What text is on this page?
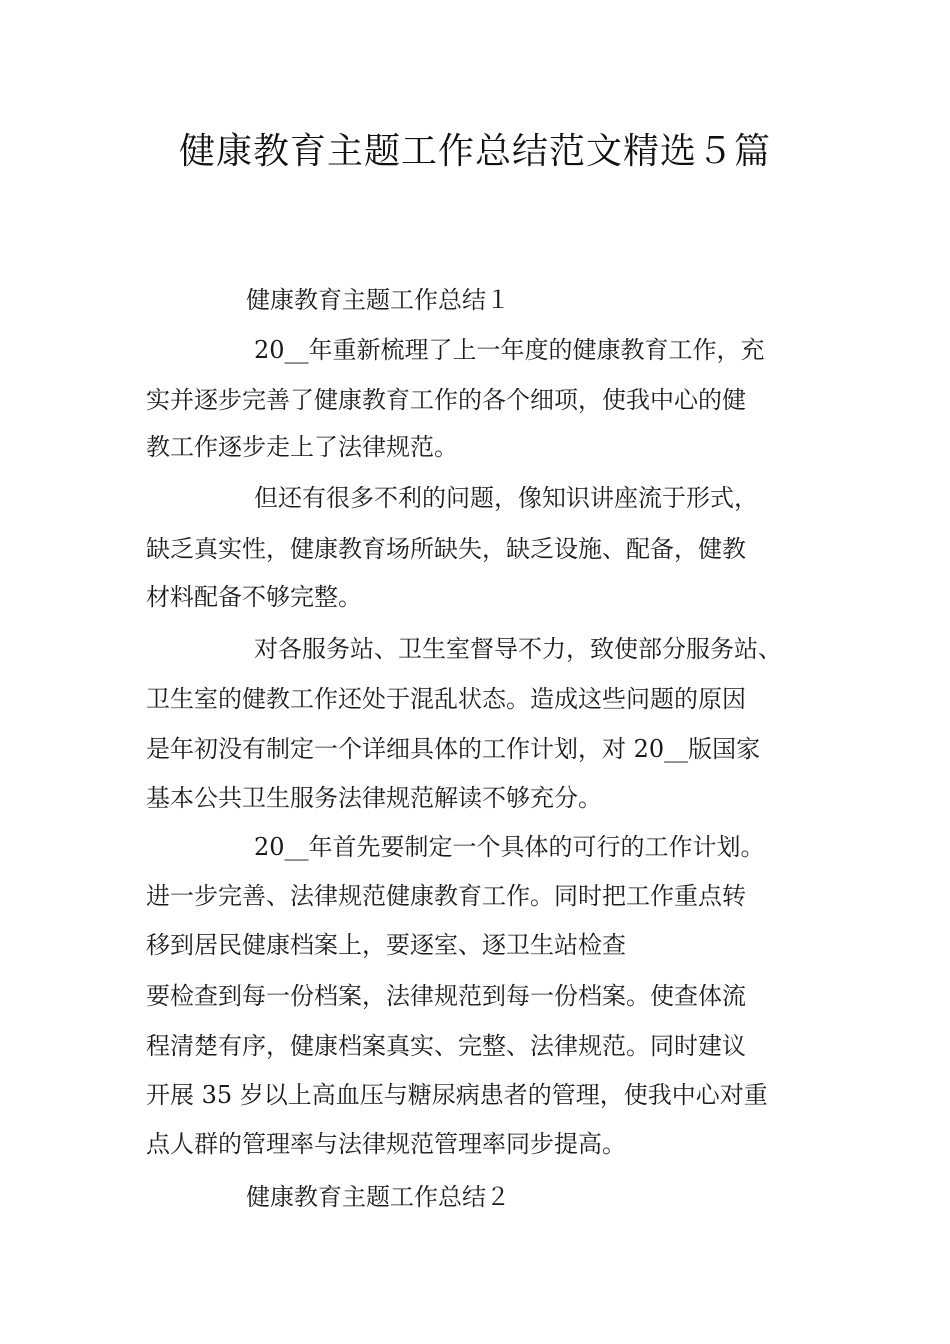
健康教育主题工作总结范文精选５篇

健康教育主题工作总结１

20__年重新梳理了上一年度的健康教育工作，充

实并逐步完善了健康教育工作的各个细项，使我中心的健

教工作逐步走上了法律规范。

但还有很多不利的问题，像知识讲座流于形式，

缺乏真实性，健康教育场所缺失，缺乏设施、配备，健教

材料配备不够完整。

对各服务站、卫生室督导不力，致使部分服务站、

卫生室的健教工作还处于混乱状态。造成这些问题的原因

是年初没有制定一个详细具体的工作计划，对 20__版国家

基本公共卫生服务法律规范解读不够充分。

20__年首先要制定一个具体的可行的工作计划。

进一步完善、法律规范健康教育工作。同时把工作重点转

移到居民健康档案上，要逐室、逐卫生站检查

要检查到每一份档案，法律规范到每一份档案。使查体流

程清楚有序，健康档案真实、完整、法律规范。同时建议

开展 35 岁以上高血压与糖尿病患者的管理，使我中心对重

点人群的管理率与法律规范管理率同步提高。

健康教育主题工作总结２
